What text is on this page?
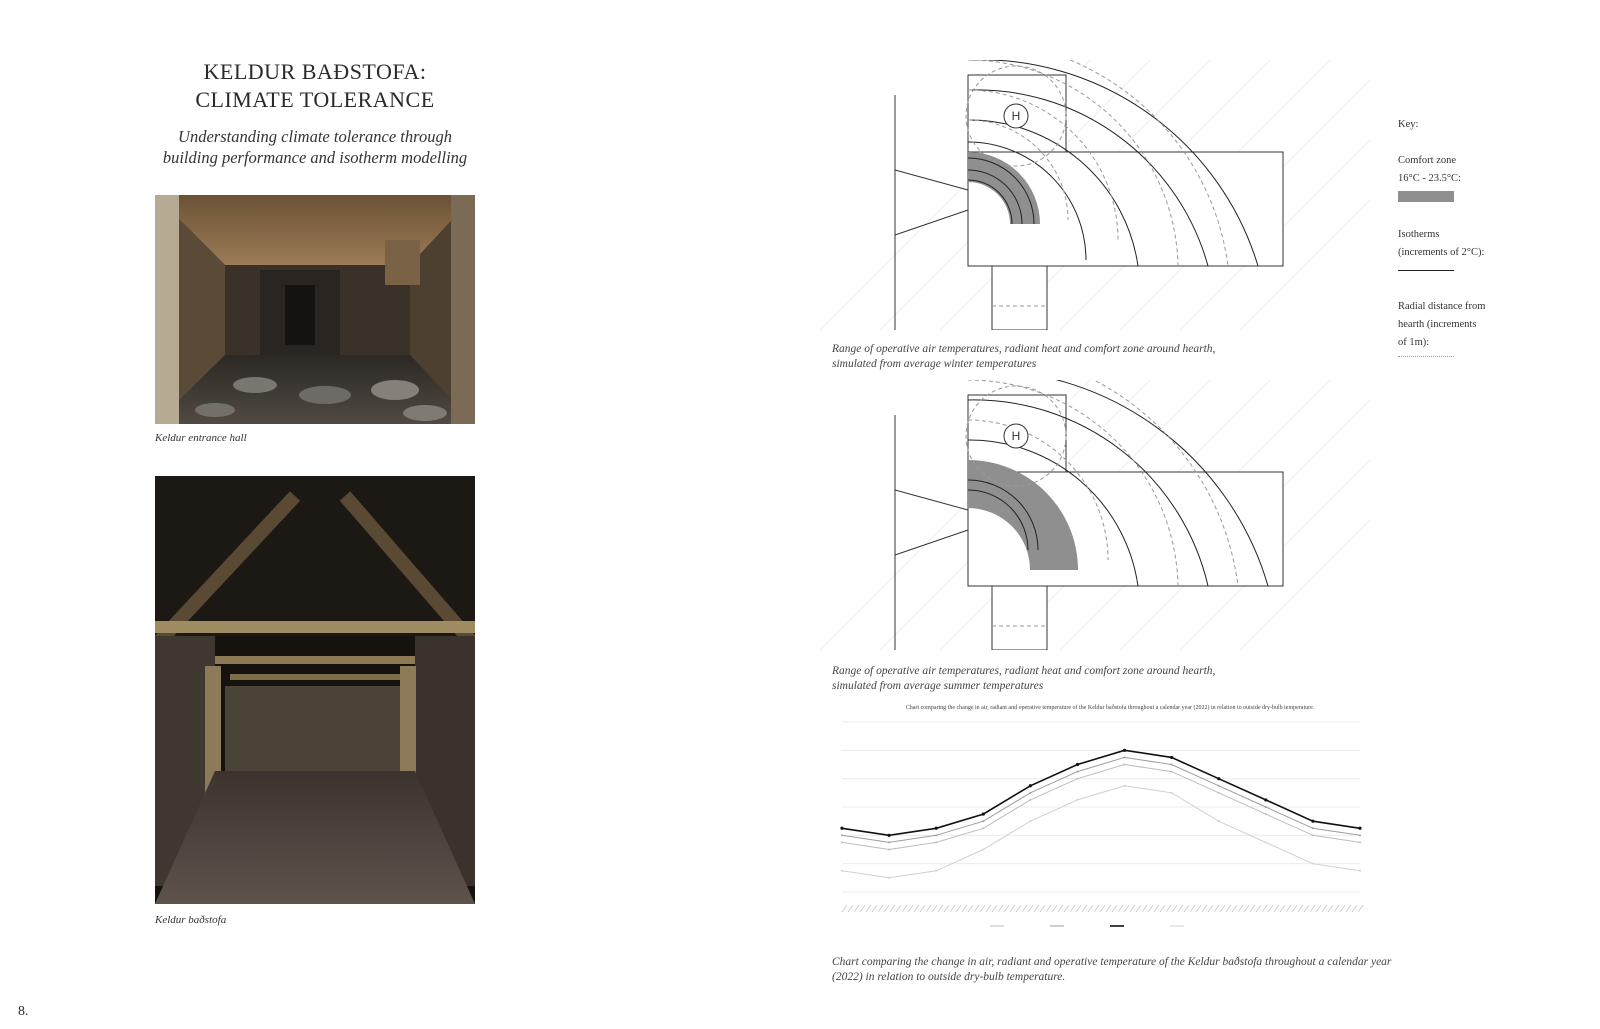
KELDUR BAÐSTOFA:
CLIMATE TOLERANCE
Understanding climate tolerance through
building performance and isotherm modelling
Keldur entrance hall
Keldur baðstofa
8.
H
Range of operative air temperatures, radiant heat and comfort zone around hearth,
simulated from average winter temperatures
H
Range of operative air temperatures, radiant heat and comfort zone around hearth,
simulated from average summer temperatures
Key:
Comfort zone
16°C - 23.5°C:
Isotherms
(increments of 2°C):
Radial distance from
hearth (increments
of 1m):
Chart comparing the change in air, radiant and operative temperature of the Keldur baðstofa throughout a calendar year (2022) in relation to outside dry-bulb temperature.
Chart comparing the change in air, radiant and operative temperature of the Keldur baðstofa throughout a calendar year
(2022) in relation to outside dry-bulb temperature.
